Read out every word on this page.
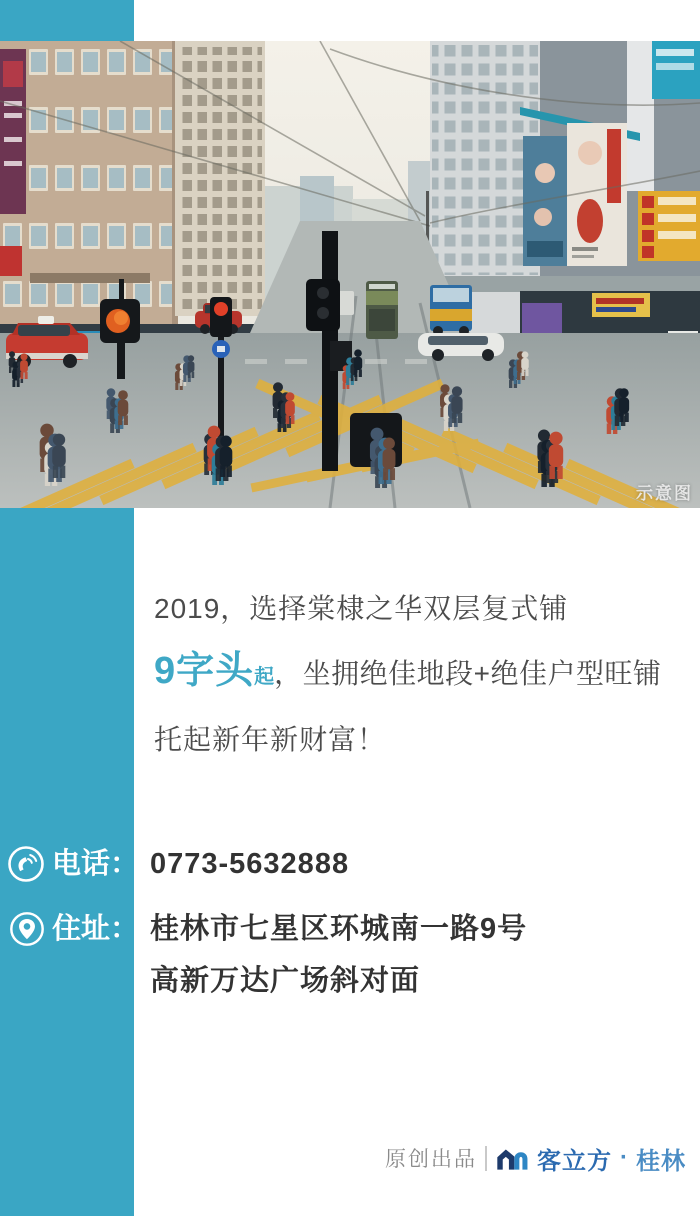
示意图
2019，选择棠棣之华双层复式铺
9字头 起 ，坐拥绝佳地段+绝佳户型旺铺
托起新年新财富！
电话： 0773-5632888
住址： 桂林市七星区环城南一路9号
高新万达广场斜对面
原创出品	客立方 · 桂林
